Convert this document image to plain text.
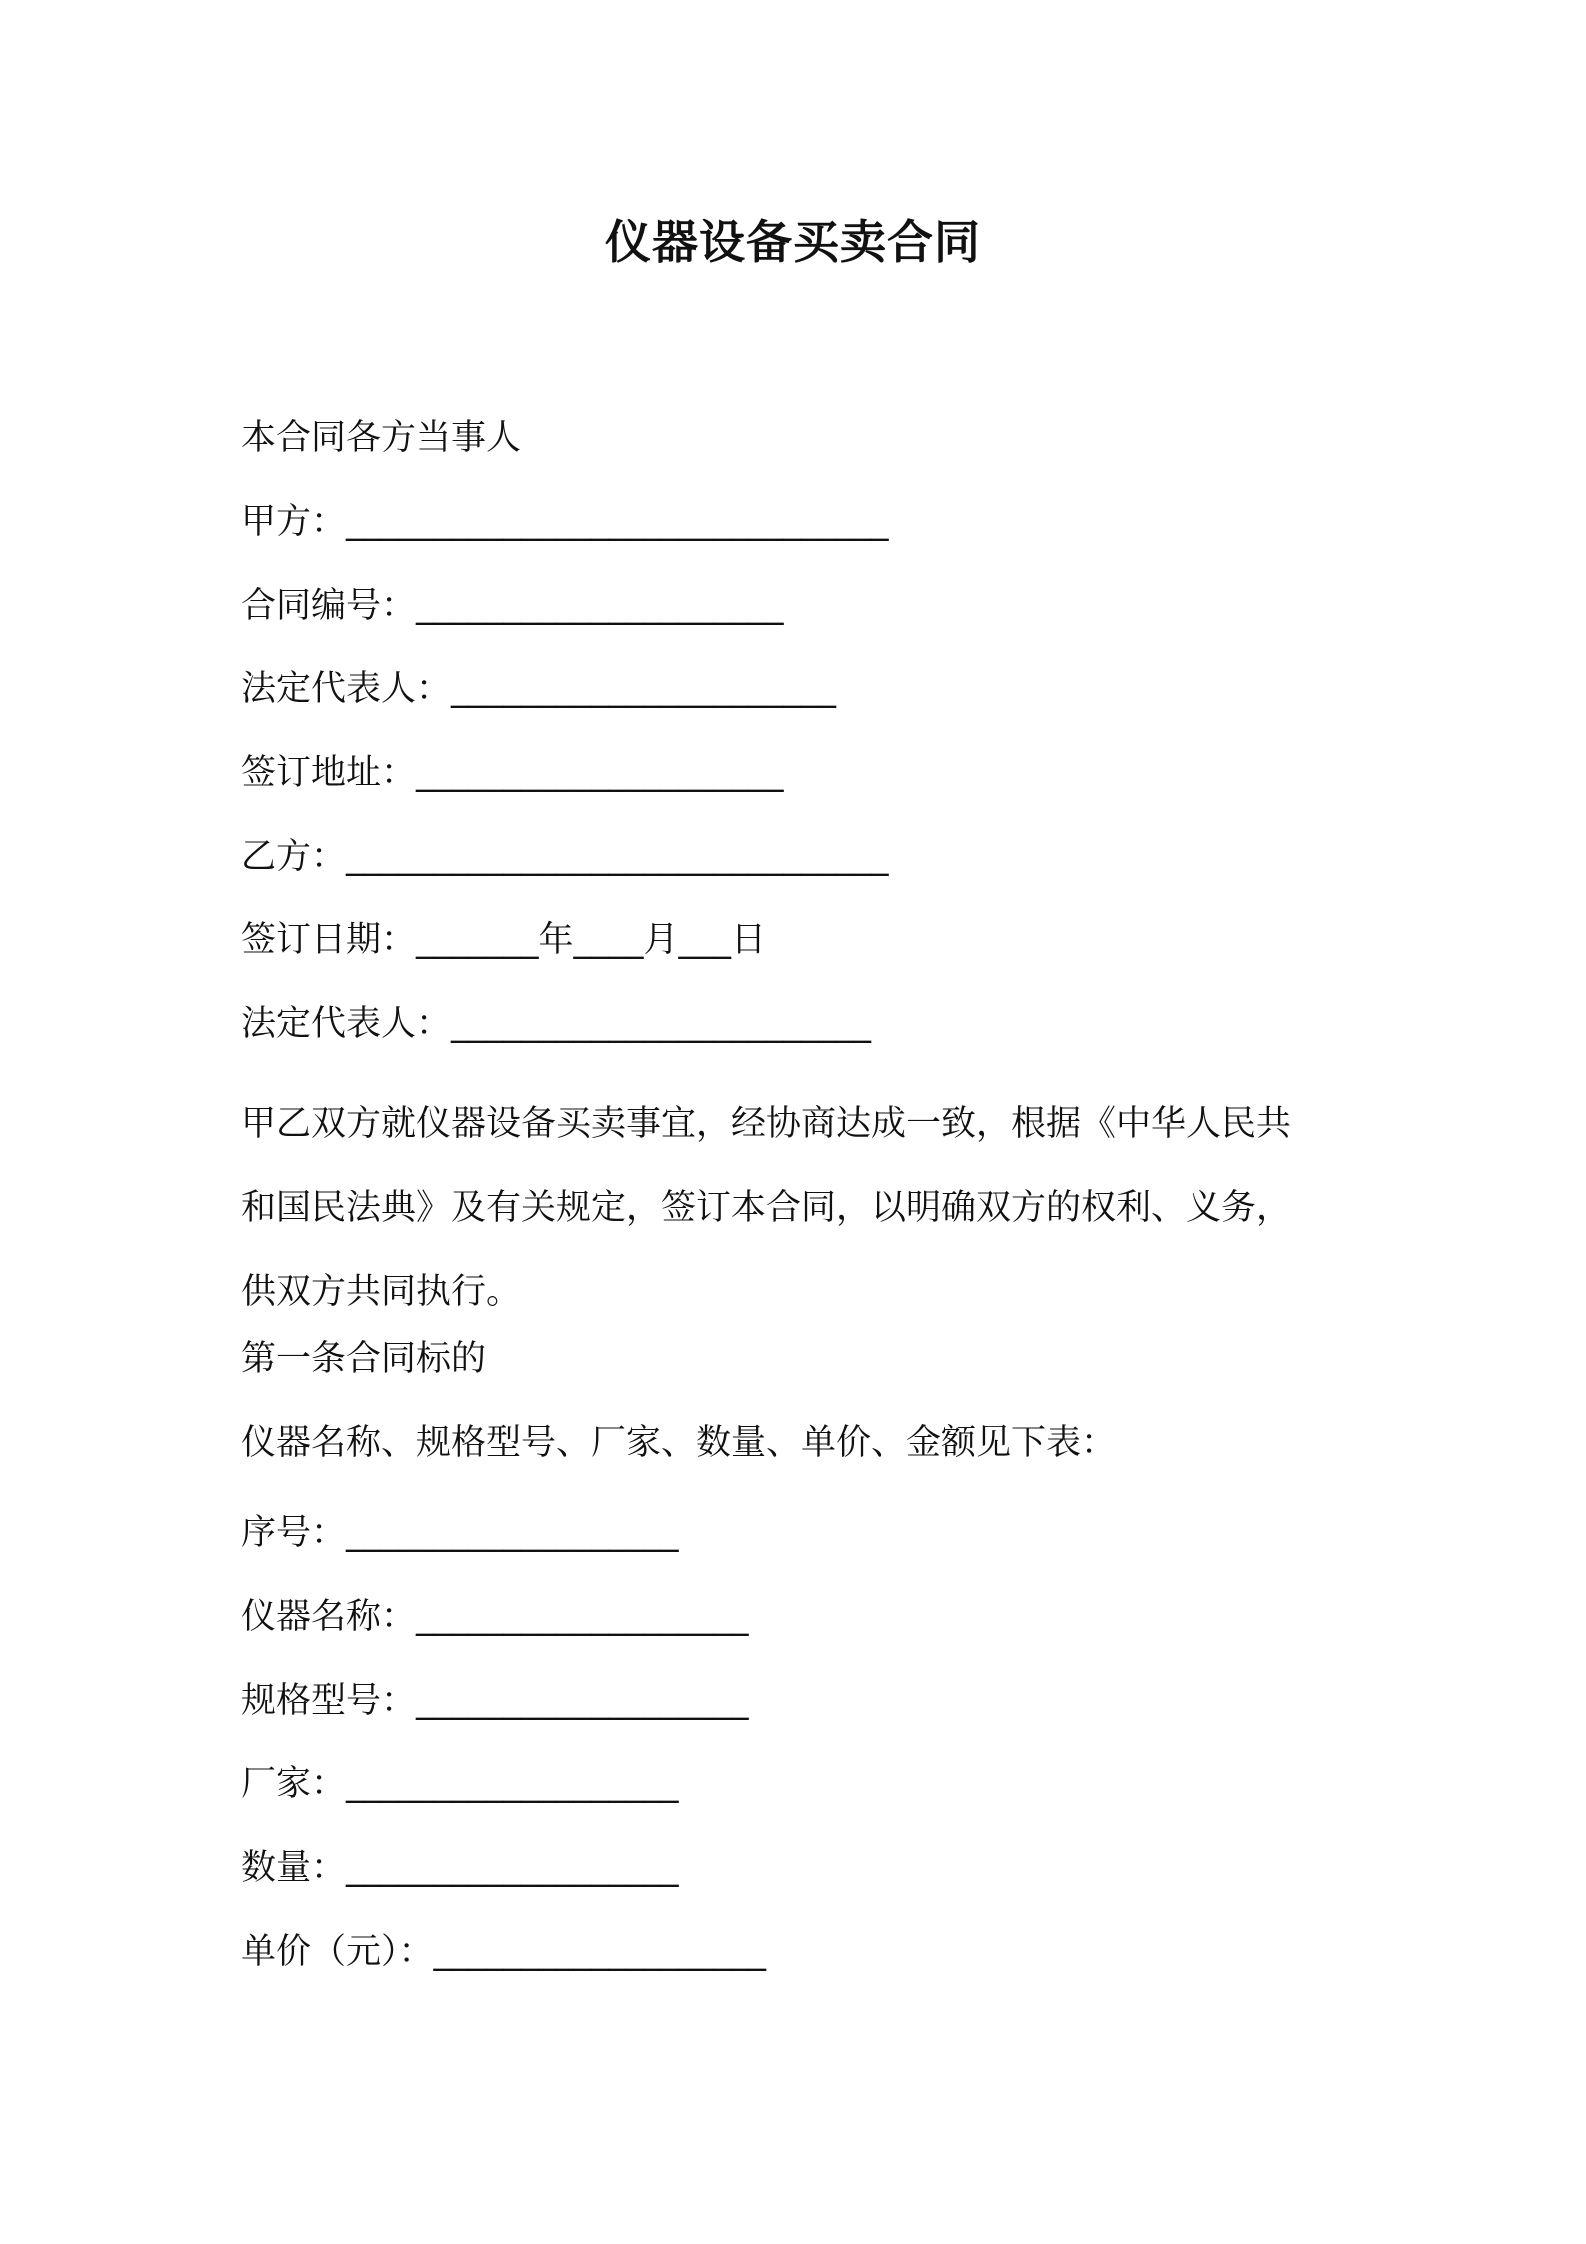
仪器设备买卖合同
本合同各方当事人
甲方：_______________________________
合同编号：_____________________
法定代表人：______________________
签订地址：_____________________
乙方：_______________________________
签订日期：_______年____月___日
法定代表人：________________________
甲乙双方就仪器设备买卖事宜，经协商达成一致，根据《中华人民共
和国民法典》及有关规定，签订本合同，以明确双方的权利、义务，
供双方共同执行。
第一条合同标的
仪器名称、规格型号、厂家、数量、单价、金额见下表：
序号：___________________
仪器名称：___________________
规格型号：___________________
厂家：___________________
数量：___________________
单价（元）：___________________
